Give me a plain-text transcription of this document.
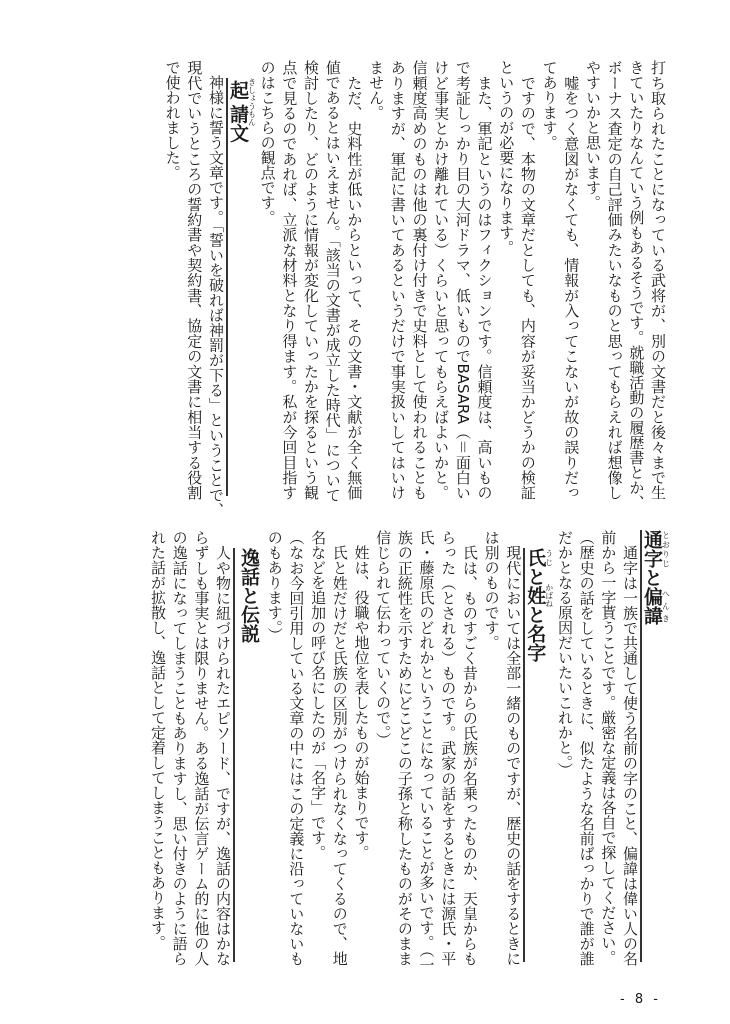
打ち取られたことになっている武将が、別の文書だと後々まで生
きていたりなんていう例もあるそうです。就職活動の履歴書とか、
ボーナス査定の自己評価みたいなものと思ってもらえれば想像し
やすいかと思います。
　嘘をつく意図がなくても、情報が入ってこないが故の誤りだっ
てあります。
　ですので、本物の文章だとしても、内容が妥当かどうかの検証
というのが必要になります。
　また、軍記というのはフィクションです。信頼度は、高いもの
で考証しっかり目の大河ドラマ、低いものでBASARA（＝面白い
けど事実とかけ離れている）くらいと思ってもらえばよいかと。
信頼度高めのものは他の裏付け付きで史料として使われることも
ありますが、軍記に書いてあるというだけで事実扱いしてはいけ
ません。
　ただ、史料性が低いからといって、その文書・文献が全く無価
値であるとはいえません。「該当の文書が成立した時代」について
検討したり、どのように情報が変化していったかを探るという観
点で見るのであれば、立派な材料となり得ます。私が今回目指す
のはこちらの観点です。
起請きしょうもん文
　神様に誓う文章です。「誓いを破れば神罰が下る」ということで、
現代でいうところの誓約書や契約書、協定の文書に相当する役割
で使われました。
通字とおりじと偏諱へんき
　通字は一族で共通して使う名前の字のこと、偏諱は偉い人の名
前から一字貰うことです。厳密な定義は各自で探してください。
（歴史の話をしているときに、似たような名前ばっかりで誰が誰
だかとなる原因だいたいこれかと。）
氏うじと姓かばねと名字
　現代においては全部一緒のものですが、歴史の話をするときに
は別のものです。
　氏は、ものすごく昔からの氏族が名乗ったものか、天皇からも
らった（とされる）ものです。武家の話をするときには源氏・平
氏・藤原氏のどれかということになっていることが多いです。（一
族の正統性を示すためにどこどこの子孫と称したものがそのまま
信じられて伝わっていくので。）
　姓は、役職や地位を表したものが始まりです。
　氏と姓だけだと氏族の区別がつけられなくなってくるので、地
名などを追加の呼び名にしたのが「名字」です。
（なお今回引用している文章の中にはこの定義に沿っていないも
のもあります。）
逸話と伝説
　人や物に紐づけられたエピソード、ですが、逸話の内容はかな
らずしも事実とは限りません。ある逸話が伝言ゲーム的に他の人
の逸話になってしまうこともありますし、思い付きのように語ら
れた話が拡散し、逸話として定着してしまうこともあります。
- 8 -
